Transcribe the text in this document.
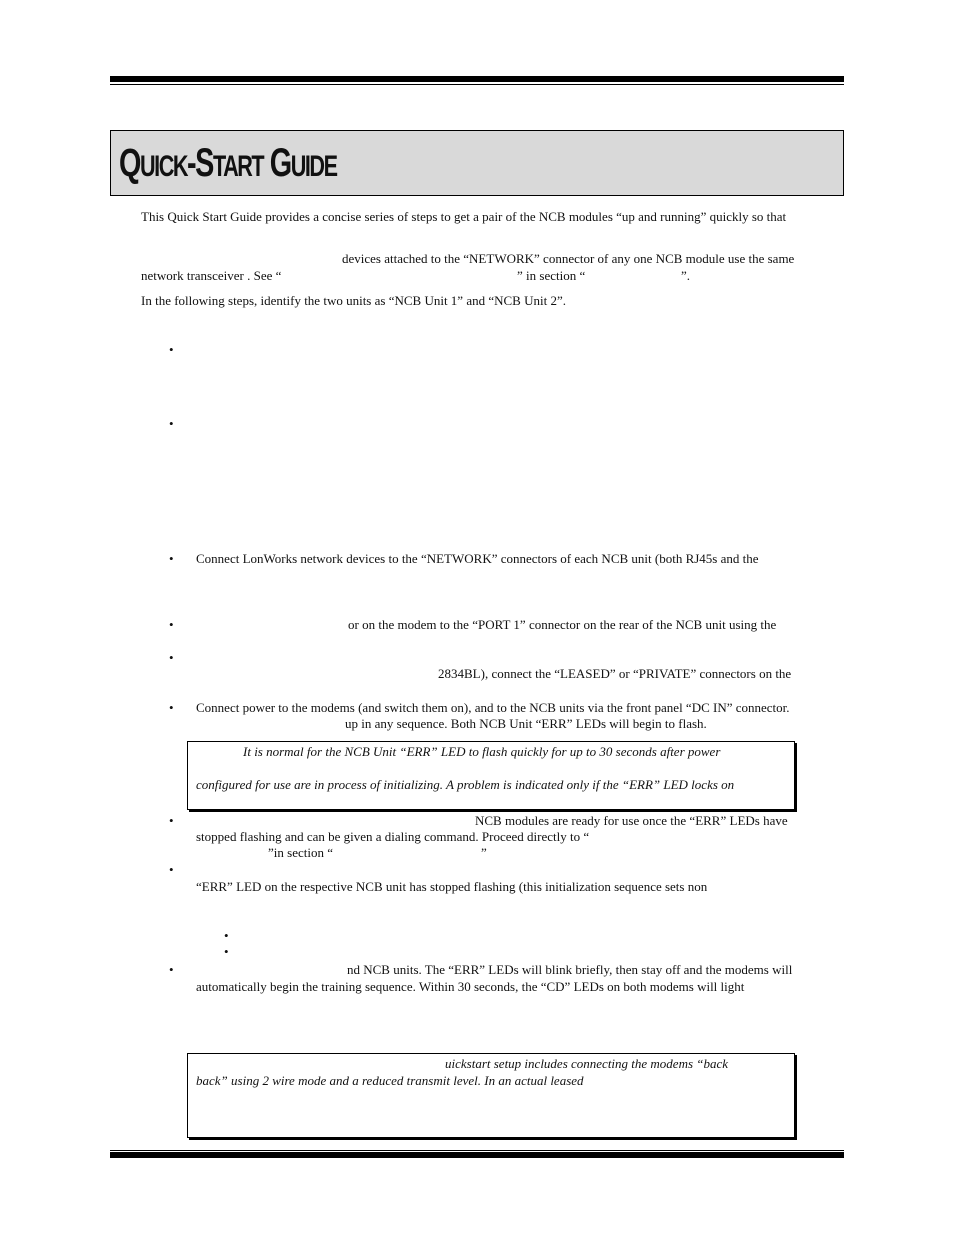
QUICK-START GUIDE
This Quick Start Guide provides a concise series of steps to get a pair of the NCB modules “up and running” quickly so that
devices attached to the “NETWORK” connector of any one NCB module use the same
network transceiver . See “	” in section “	”.
In the following steps, identify the two units as “NCB Unit 1” and “NCB Unit 2”.
•
•
• Connect LonWorks network devices to the “NETWORK” connectors of each NCB unit (both RJ45s and the
•	or on the modem to the “PORT 1” connector on the rear of the NCB unit using the
•
2834BL), connect the “LEASED” or “PRIVATE” connectors on the
• Connect power to the modems (and switch them on), and to the NCB units via the front panel “DC IN” connector.
up in any sequence. Both NCB Unit “ERR” LEDs will begin to flash.
It is normal for the NCB Unit “ERR” LED to flash quickly for up to 30 seconds after power
configured for use are in process of initializing. A problem is indicated only if the “ERR” LED locks on
•	NCB modules are ready for use once the “ERR” LEDs have
stopped flashing and can be given a dialing command. Proceed directly to “
”in section “	”
•
“ERR” LED on the respective NCB unit has stopped flashing (this initialization sequence sets non
•
•
•	nd NCB units. The “ERR” LEDs will blink briefly, then stay off and the modems will
automatically begin the training sequence. Within 30 seconds, the “CD” LEDs on both modems will light
uickstart setup includes connecting the modems “back
back” using 2 wire mode and a reduced transmit level. In an actual leased
